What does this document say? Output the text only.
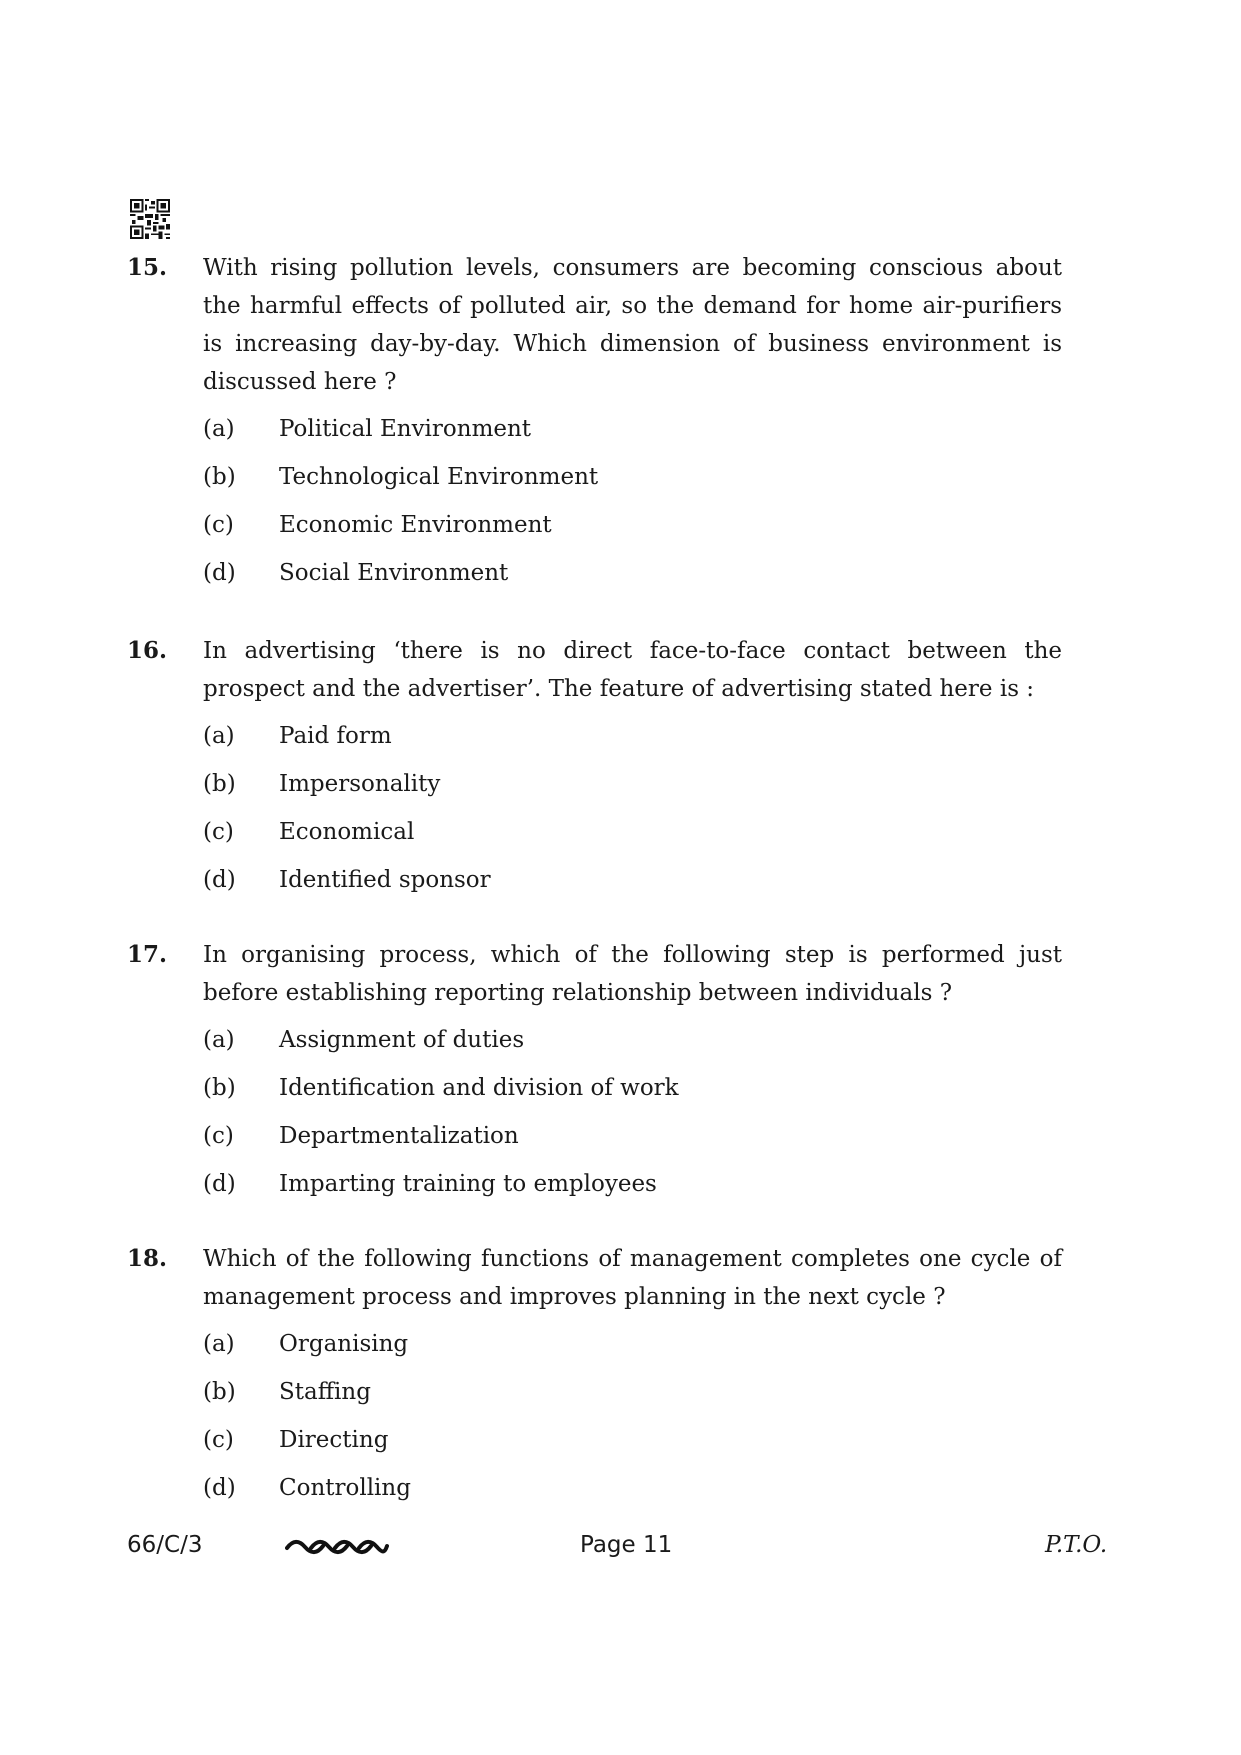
15. With rising pollution levels, consumers are becoming conscious about the harmful effects of polluted air, so the demand for home air-purifiers is increasing day-by-day. Which dimension of business environment is discussed here ?
(a)	Political Environment
(b)	Technological Environment
(c)	Economic Environment
(d)	Social Environment
16. In advertising ‘there is no direct face-to-face contact between the prospect and the advertiser’. The feature of advertising stated here is :
(a)	Paid form
(b)	Impersonality
(c)	Economical
(d)	Identified sponsor
17. In organising process, which of the following step is performed just before establishing reporting relationship between individuals ?
(a)	Assignment of duties
(b)	Identification and division of work
(c)	Departmentalization
(d)	Imparting training to employees
18. Which of the following functions of management completes one cycle of management process and improves planning in the next cycle ?
(a)	Organising
(b)	Staffing
(c)	Directing
(d)	Controlling
66/C/3	Page 11	P.T.O.
